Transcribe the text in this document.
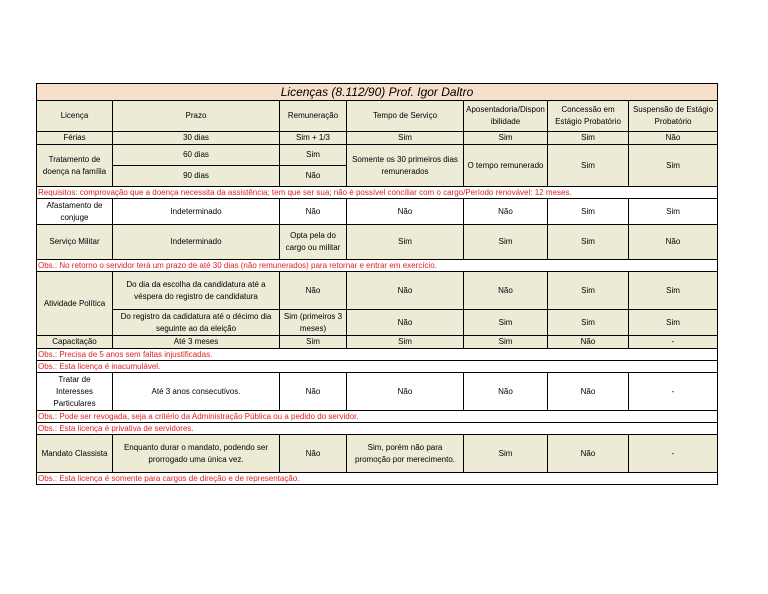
Licenças (8.112/90) Prof. Igor Daltro						
Licença	Prazo	Remuneração	Tempo de Serviço	Aposentadoria/Disponibilidade	Concessão em Estágio Probatório	Suspensão de Estágio Probatório
Férias	30 dias	Sim + 1/3	Sim	Sim	Sim	Não
Tratamento de doença na família	60 dias	Sim	Somente os 30 primeiros dias remunerados	O tempo remunerado	Sim	Sim
	90 dias	Não				
Requisitos: comprovação que a doença necessita da assistência; tem que ser sua; não é possível conciliar com o cargo/Período renovável: 12 meses.						
Afastamento de conjuge	Indeterminado	Não	Não	Não	Sim	Sim
Serviço Militar	Indeterminado	Opta pela do cargo ou militar	Sim	Sim	Sim	Não
Obs.: No retorno o servidor terá um prazo de até 30 dias (não remunerados) para retornar e entrar em exercício.						
Atividade Política	Do dia da escolha da candidatura até a véspera do registro de candidatura	Não	Não	Não	Sim	Sim
	Do registro da cadidatura até o décimo dia seguinte ao da eleição	Sim (primeiros 3 meses)	Não	Sim	Sim	Sim
Capacitação	Até 3 meses	Sim	Sim	Sim	Não	-
Obs.: Precisa de 5 anos sem faltas injustificadas.						
Obs.: Esta licença é inacumulável.						
Tratar de Interesses Particulares	Até 3 anos consecutivos.	Não	Não	Não	Não	-
Obs.: Pode ser revogada, seja a critério da Administração Pública ou a pedido do servidor.						
Obs.: Esta licença é privativa de servidores.						
Mandato Classista	Enquanto durar o mandato, podendo ser prorrogado uma única vez.	Não	Sim, porém não para promoção por merecimento.	Sim	Não	-
Obs.: Esta licença é somente para cargos de direção e de representação.						
